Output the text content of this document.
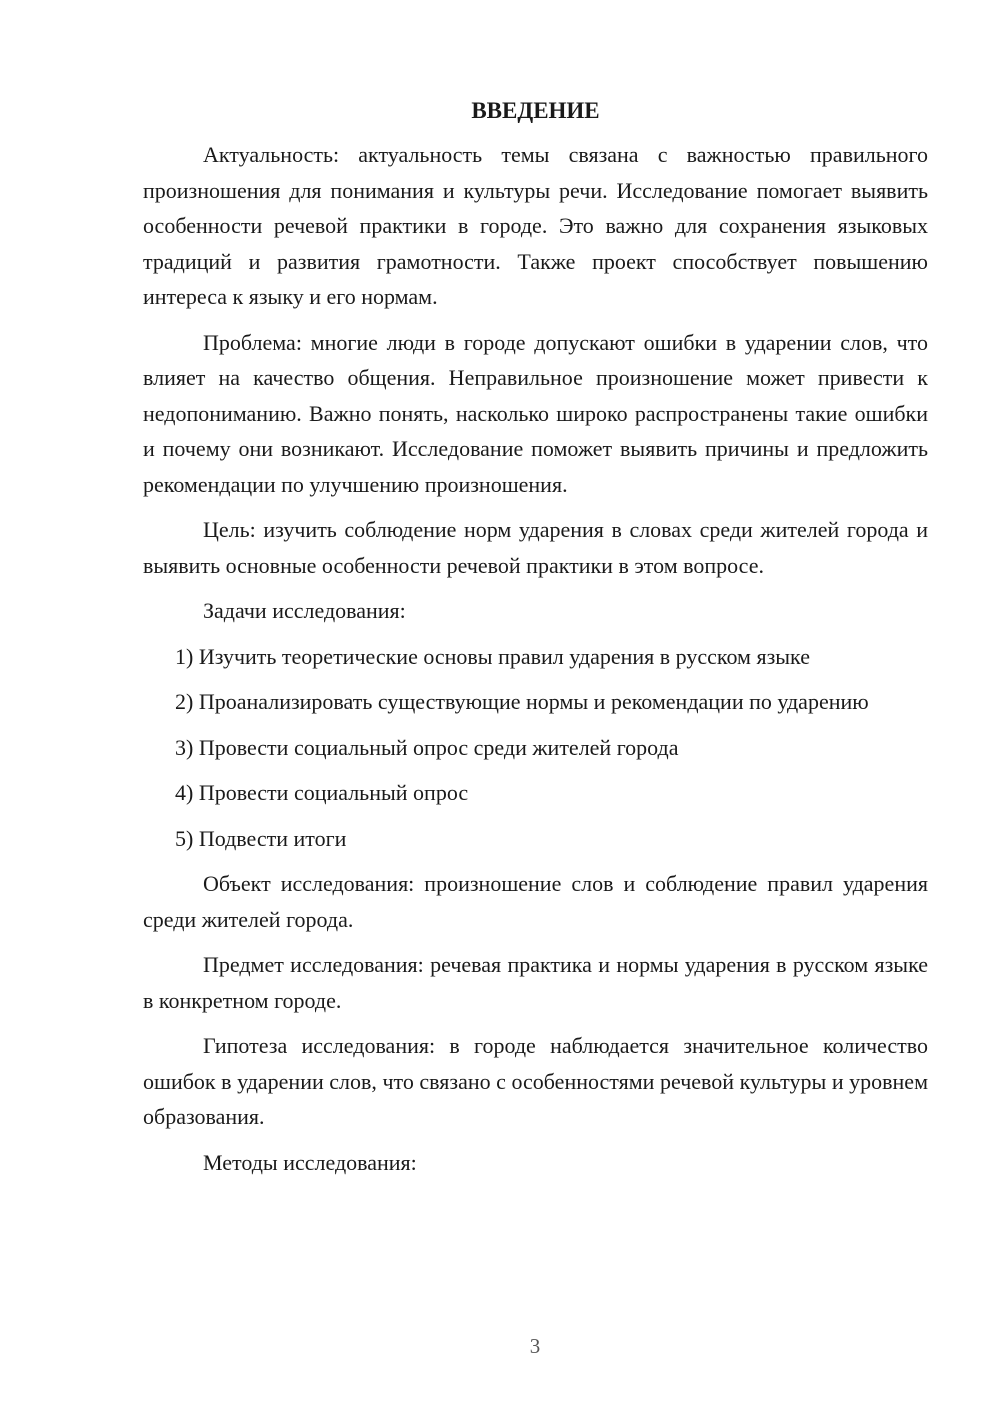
ВВЕДЕНИЕ

Актуальность: актуальность темы связана с важностью правильного произношения для понимания и культуры речи. Исследование помогает выявить особенности речевой практики в городе. Это важно для сохранения языковых традиций и развития грамотности. Также проект способствует повышению интереса к языку и его нормам.

Проблема: многие люди в городе допускают ошибки в ударении слов, что влияет на качество общения. Неправильное произношение может привести к недопониманию. Важно понять, насколько широко распространены такие ошибки и почему они возникают. Исследование поможет выявить причины и предложить рекомендации по улучшению произношения.

Цель: изучить соблюдение норм ударения в словах среди жителей города и выявить основные особенности речевой практики в этом вопросе.

Задачи исследования:

1) Изучить теоретические основы правил ударения в русском языке

2) Проанализировать существующие нормы и рекомендации по ударению

3) Провести социальный опрос среди жителей города

4) Провести социальный опрос

5) Подвести итоги

Объект исследования: произношение слов и соблюдение правил ударения среди жителей города.

Предмет исследования: речевая практика и нормы ударения в русском языке в конкретном городе.

Гипотеза исследования: в городе наблюдается значительное количество ошибок в ударении слов, что связано с особенностями речевой культуры и уровнем образования.

Методы исследования:

3
